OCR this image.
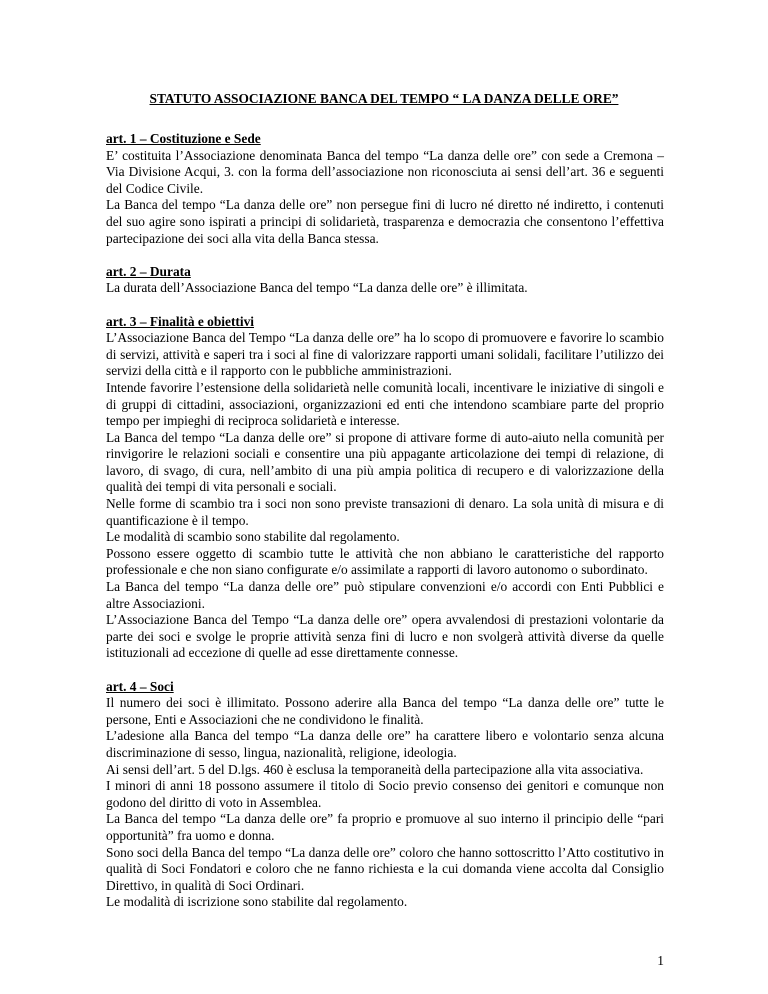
STATUTO ASSOCIAZIONE BANCA DEL TEMPO “ LA DANZA DELLE ORE”
art. 1 – Costituzione e Sede

E’ costituita l’Associazione denominata Banca del tempo “La danza delle ore” con sede a Cremona – Via Divisione Acqui, 3. con la forma dell’associazione non riconosciuta ai sensi dell’art. 36 e seguenti del Codice Civile.

La Banca del tempo “La danza delle ore” non persegue fini di lucro né diretto né indiretto, i contenuti del suo agire sono ispirati a principi di solidarietà, trasparenza e democrazia che consentono l’effettiva partecipazione dei soci alla vita della Banca stessa.

art. 2 – Durata

La durata dell’Associazione Banca del tempo “La danza delle ore” è illimitata.

art. 3 – Finalità e obiettivi

L’Associazione Banca del Tempo “La danza delle ore” ha lo scopo di promuovere e favorire lo scambio di servizi, attività e saperi tra i soci al fine di valorizzare rapporti umani solidali, facilitare l’utilizzo dei servizi della città e il rapporto con le pubbliche amministrazioni.

Intende favorire l’estensione della solidarietà nelle comunità locali, incentivare le iniziative di singoli e di gruppi di cittadini, associazioni, organizzazioni ed enti che intendono scambiare parte del proprio tempo per impieghi di reciproca solidarietà e interesse.

La Banca del tempo “La danza delle ore” si propone di attivare forme di auto-aiuto nella comunità per rinvigorire le relazioni sociali e consentire una più appagante articolazione dei tempi di relazione, di lavoro, di svago, di cura, nell’ambito di una più ampia politica di recupero e di valorizzazione della qualità dei tempi di vita personali e sociali.

Nelle forme di scambio tra i soci non sono previste transazioni di denaro. La sola unità di misura e di quantificazione è il tempo.

Le modalità di scambio sono stabilite dal regolamento.

Possono essere oggetto di scambio tutte le attività che non abbiano le caratteristiche del rapporto professionale e che non siano configurate e/o assimilate a rapporti di lavoro autonomo o subordinato.

La Banca del tempo “La danza delle ore” può stipulare convenzioni e/o accordi con Enti Pubblici e altre Associazioni.

L’Associazione Banca del Tempo “La danza delle ore” opera avvalendosi di prestazioni volontarie da parte dei soci e svolge le proprie attività senza fini di lucro e non svolgerà attività diverse da quelle istituzionali ad eccezione di quelle ad esse direttamente connesse.

art. 4 – Soci

Il numero dei soci è illimitato. Possono aderire alla Banca del tempo “La danza delle ore” tutte le persone, Enti e Associazioni che ne condividono le finalità.

L’adesione alla Banca del tempo “La danza delle ore” ha carattere libero e volontario senza alcuna discriminazione di sesso, lingua, nazionalità, religione, ideologia.

Ai sensi dell’art. 5 del D.lgs. 460 è esclusa la temporaneità della partecipazione alla vita associativa.

I minori di anni 18 possono assumere il titolo di Socio previo consenso dei genitori e comunque non godono del diritto di voto in Assemblea.

La Banca del tempo “La danza delle ore” fa proprio e promuove al suo interno il principio delle “pari opportunità” fra uomo e donna.

Sono soci della Banca del tempo “La danza delle ore” coloro che hanno sottoscritto l’Atto costitutivo in qualità di Soci Fondatori e coloro che ne fanno richiesta e la cui domanda viene accolta dal Consiglio Direttivo, in qualità di Soci Ordinari.

Le modalità di iscrizione sono stabilite dal regolamento.

1
